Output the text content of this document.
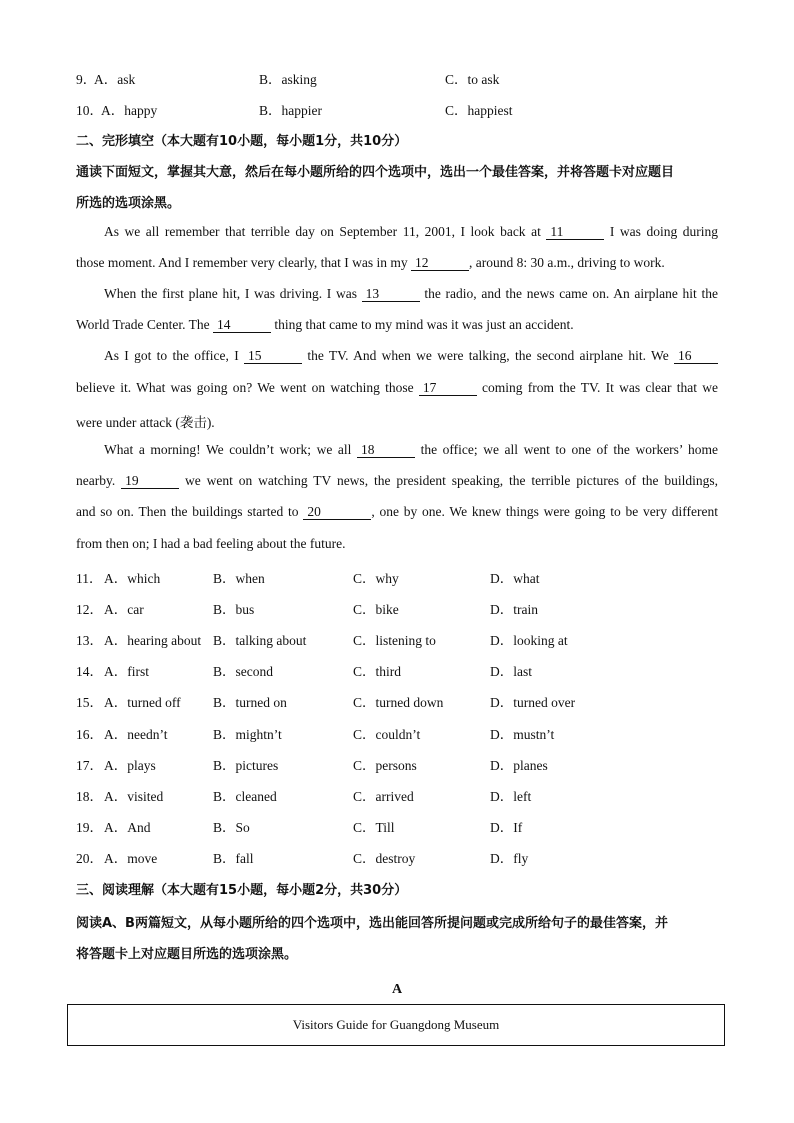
9．
A．ask	B．asking	C．to ask
10．
A．happy	B．happier	C．happiest
二、完形填空（本大题有10小题，每小题1分，共10分）
通读下面短文，掌握其大意，然后在每小题所给的四个选项中，选出一个最佳答案，并将答题卡对应题目
所选的选项涂黑。
As we all remember that terrible day on September 11, 2001, I look back at 11	I was doing during
those moment. And I remember very clearly, that I was in my 12	, around 8: 30 a.m., driving to work.
When the first plane hit, I was driving. I was 13	the radio, and the news came on. An airplane hit the
World Trade Center. The 14	thing that came to my mind was it was just an accident.
As I got to the office, I 15	the TV. And when we were talking, the second airplane hit. We 16
believe it. What was going on? We went on watching those 17	coming from the TV. It was clear that we
were under attack (袭击).
What a morning! We couldn’t work; we all 18	the office; we all went to one of the workers’ home
nearby. 19	we went on watching TV news, the president speaking, the terrible pictures of the buildings,
and so on. Then the buildings started to 20	, one by one. We knew things were going to be very different
from then on; I had a bad feeling about the future.
11． A．which	B．when	C．why	D．what
12． A．car	B．bus	C．bike	D．train
13． A．hearing about B．talking about	C．listening to	D．looking at
14． A．first	B．second	C．third	D．last
15． A．turned off B．turned on	C．turned down	D．turned over
16． A．needn’t	B．mightn’t	C．couldn’t	D．mustn’t
17． A．plays	B．pictures	C．persons	D．planes
18． A．visited	B．cleaned	C．arrived	D．left
19． A．And	B．So	C．Till	D．If
20． A．move	B．fall	C．destroy	D．fly
三、阅读理解（本大题有15小题，每小题2分，共30分）
阅读A、B两篇短文，从每小题所给的四个选项中，选出能回答所提问题或完成所给句子的最佳答案，并
将答题卡上对应题目所选的选项涂黑。
A
Visitors Guide for Guangdong Museum
